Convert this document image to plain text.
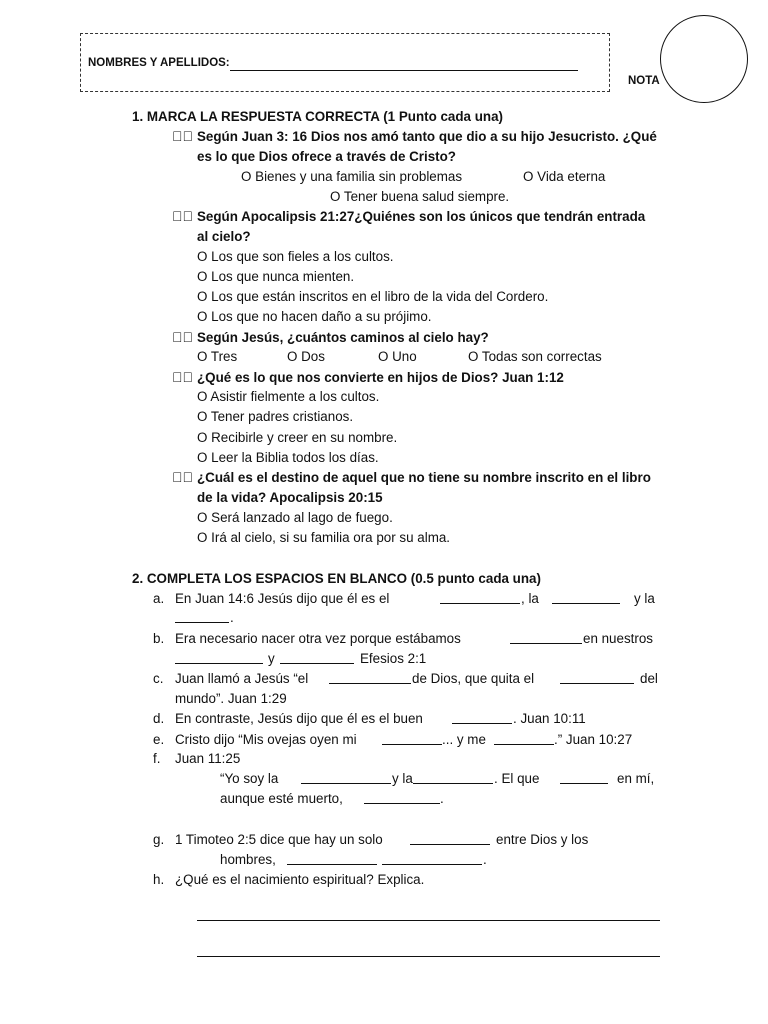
NOMBRES Y APELLIDOS:
NOTA
1. MARCA LA RESPUESTA CORRECTA (1 Punto cada una)
✓⃝ Según Juan 3: 16 Dios nos amó tanto que dio a su hijo Jesucristo. ¿Qué
es lo que Dios ofrece a través de Cristo?
O Bienes y una familia sin problemas	O Vida eterna
O Tener buena salud siempre.
✓⃝ Según Apocalipsis 21:27¿Quiénes son los únicos que tendrán entrada
al cielo?
O Los que son fieles a los cultos.
O Los que nunca mienten.
O Los que están inscritos en el libro de la vida del Cordero.
O Los que no hacen daño a su prójimo.
✓⃝ Según Jesús, ¿cuántos caminos al cielo hay?
O Tres	O Dos	O Uno	O Todas son correctas
✓⃝ ¿Qué es lo que nos convierte en hijos de Dios? Juan 1:12
O Asistir fielmente a los cultos.
O Tener padres cristianos.
O Recibirle y creer en su nombre.
O Leer la Biblia todos los días.
✓⃝ ¿Cuál es el destino de aquel que no tiene su nombre inscrito en el libro
de la vida? Apocalipsis 20:15
O Será lanzado al lago de fuego.
O Irá al cielo, si su familia ora por su alma.
2. COMPLETA LOS ESPACIOS EN BLANCO (0.5 punto cada una)
a. En Juan 14:6 Jesús dijo que él es el	, la	y la
.
b. Era necesario nacer otra vez porque estábamos	en nuestros
y	Efesios 2:1
c. Juan llamó a Jesús “el	de Dios, que quita el	del
mundo”. Juan 1:29
d. En contraste, Jesús dijo que él es el buen	. Juan 10:11
e. Cristo dijo “Mis ovejas oyen mi	... y me	.” Juan 10:27
f. Juan 11:25
“Yo soy la	y la	. El que	en mí,
aunque esté muerto,	.
g. 1 Timoteo 2:5 dice que hay un solo	entre Dios y los
hombres,	.
h. ¿Qué es el nacimiento espiritual? Explica.
